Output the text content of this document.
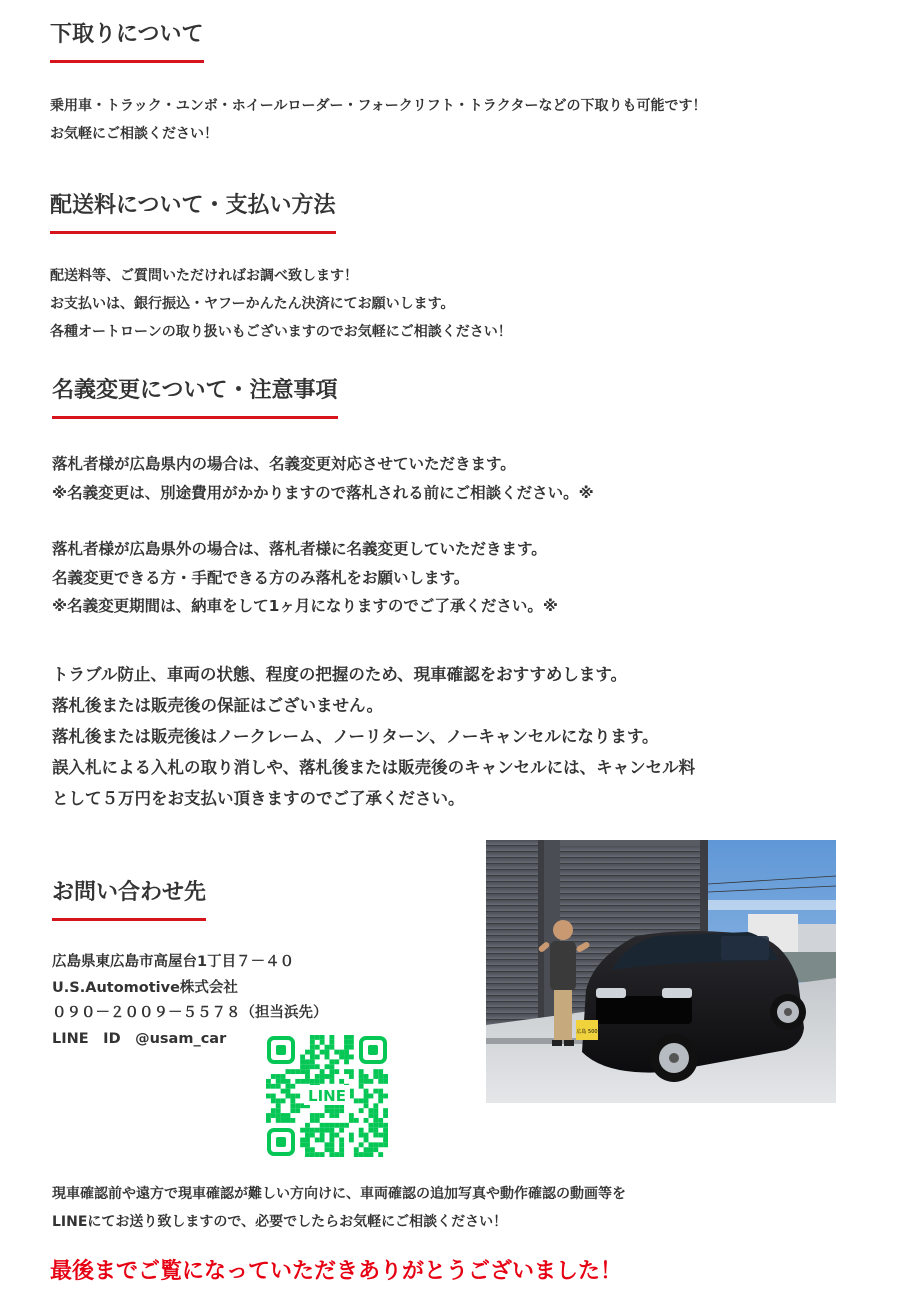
下取りについて

乗用車・トラック・ユンボ・ホイールローダー・フォークリフト・トラクターなどの下取りも可能です！
お気軽にご相談ください！

配送料について・支払い方法

配送料等、ご質問いただければお調べ致します！
お支払いは、銀行振込・ヤフーかんたん決済にてお願いします。
各種オートローンの取り扱いもございますのでお気軽にご相談ください！

名義変更について・注意事項

落札者様が広島県内の場合は、名義変更対応させていただきます。
※名義変更は、別途費用がかかりますので落札される前にご相談ください。※

落札者様が広島県外の場合は、落札者様に名義変更していただきます。
名義変更できる方・手配できる方のみ落札をお願いします。
※名義変更期間は、納車をして1ヶ月になりますのでご了承ください。※

トラブル防止、車両の状態、程度の把握のため、現車確認をおすすめします。
落札後または販売後の保証はございません。
落札後または販売後はノークレーム、ノーリターン、ノーキャンセルになります。
誤入札による入札の取り消しや、落札後または販売後のキャンセルには、キャンセル料
として５万円をお支払い頂きますのでご了承ください。

お問い合わせ先

広島県東広島市高屋台1丁目７－４０
U.S.Automotive株式会社
０９０－２００９－５５７８（担当浜先）
LINE　ID　@usam_car

LINE
広島 500

現車確認前や遠方で現車確認が難しい方向けに、車両確認の追加写真や動作確認の動画等を
LINEにてお送り致しますので、必要でしたらお気軽にご相談ください！

最後までご覧になっていただきありがとうございました！
